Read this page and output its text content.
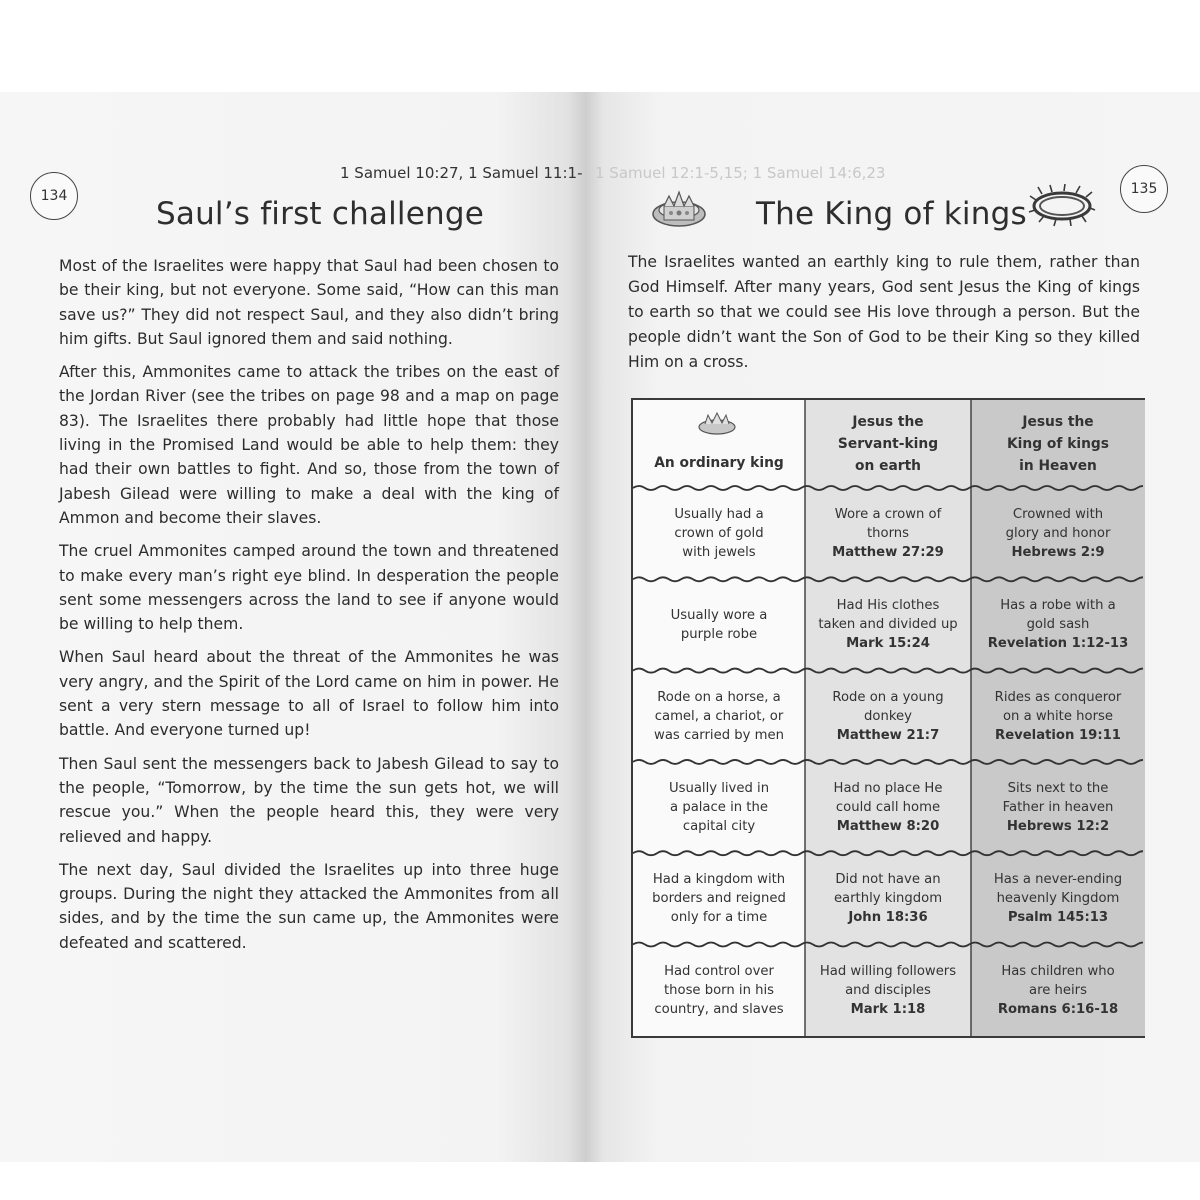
134
1 Samuel 10:27, 1 Samuel 11:1-
Saul’s first challenge

Most of the Israelites were happy that Saul had been chosen to be their king, but not everyone. Some said, “How can this man save us?” They did not respect Saul, and they also didn’t bring him gifts. But Saul ignored them and said nothing.

After this, Ammonites came to attack the tribes on the east of the Jordan River (see the tribes on page 98 and a map on page 83). The Israelites there probably had little hope that those living in the Promised Land would be able to help them: they had their own battles to fight. And so, those from the town of Jabesh Gilead were willing to make a deal with the king of Ammon and become their slaves.

The cruel Ammonites camped around the town and threatened to make every man’s right eye blind. In desperation the people sent some messengers across the land to see if anyone would be willing to help them.

When Saul heard about the threat of the Ammonites he was very angry, and the Spirit of the Lord came on him in power. He sent a very stern message to all of Israel to follow him into battle. And everyone turned up!

Then Saul sent the messengers back to Jabesh Gilead to say to the people, “Tomorrow, by the time the sun gets hot, we will rescue you.” When the people heard this, they were very relieved and happy.

The next day, Saul divided the Israelites up into three huge groups. During the night they attacked the Ammonites from all sides, and by the time the sun came up, the Ammonites were defeated and scattered.

1 Samuel 12:1-5,15; 1 Samuel 14:6,23
135
The King of kings
The Israelites wanted an earthly king to rule them, rather than God Himself. After many years, God sent Jesus the King of kings to earth so that we could see His love through a person. But the people didn’t want the Son of God to be their King so they killed Him on a cross.
An ordinary king
Jesus the
Servant-king
on earth
Jesus the
King of kings
in Heaven
Usually had a
crown of gold
with jewels
Wore a crown of
thorns
Matthew 27:29
Crowned with
glory and honor
Hebrews 2:9
Usually wore a
purple robe
Had His clothes
taken and divided up
Mark 15:24
Has a robe with a
gold sash
Revelation 1:12-13
Rode on a horse, a
camel, a chariot, or
was carried by men
Rode on a young
donkey
Matthew 21:7
Rides as conqueror
on a white horse
Revelation 19:11
Usually lived in
a palace in the
capital city
Had no place He
could call home
Matthew 8:20
Sits next to the
Father in heaven
Hebrews 12:2
Had a kingdom with
borders and reigned
only for a time
Did not have an
earthly kingdom
John 18:36
Has a never-ending
heavenly Kingdom
Psalm 145:13
Had control over
those born in his
country, and slaves
Had willing followers
and disciples
Mark 1:18
Has children who
are heirs
Romans 6:16-18
